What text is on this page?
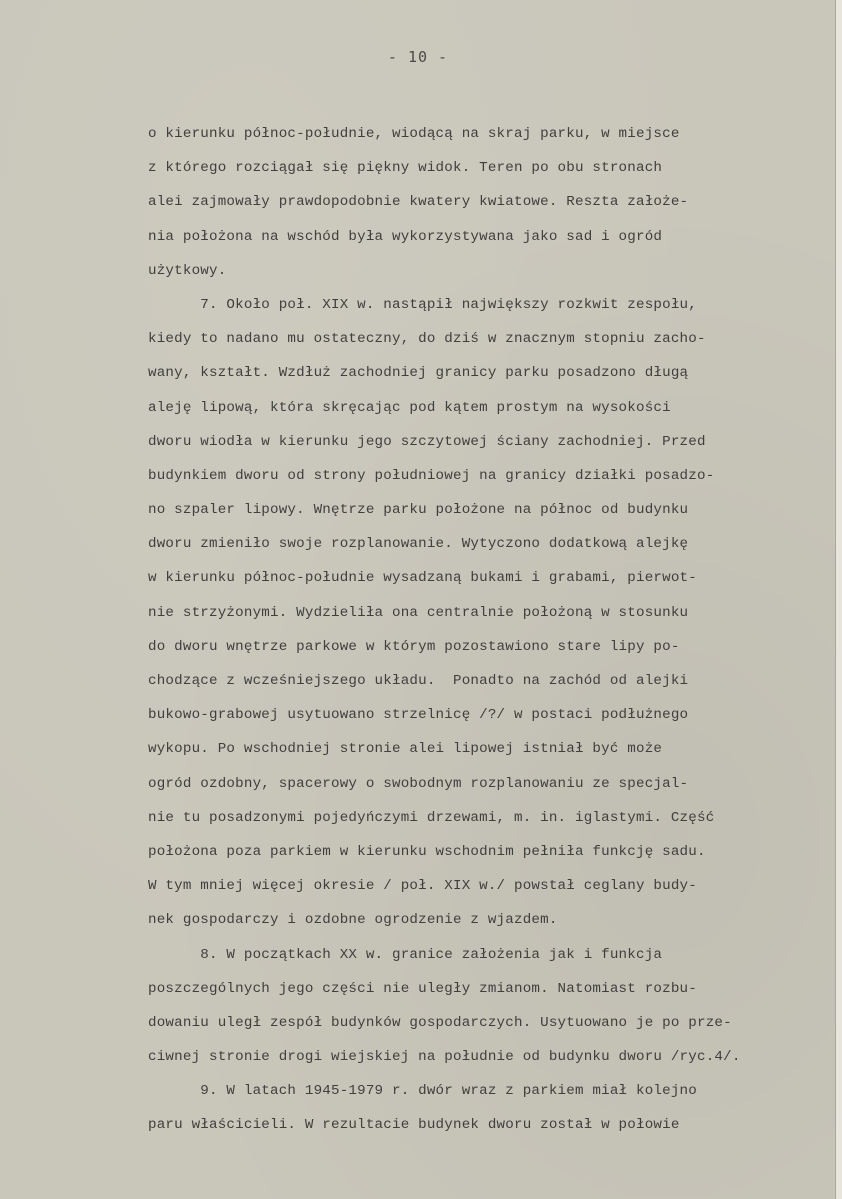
- 10 -
o kierunku północ-południe, wiodącą na skraj parku, w miejsce
z którego rozciągał się piękny widok. Teren po obu stronach
alei zajmowały prawdopodobnie kwatery kwiatowe. Reszta założe-
nia położona na wschód była wykorzystywana jako sad i ogród
użytkowy.
7. Około poł. XIX w. nastąpił największy rozkwit zespołu,
kiedy to nadano mu ostateczny, do dziś w znacznym stopniu zacho-
wany, kształt. Wzdłuż zachodniej granicy parku posadzono długą
aleję lipową, która skręcając pod kątem prostym na wysokości
dworu wiodła w kierunku jego szczytowej ściany zachodniej. Przed
budynkiem dworu od strony południowej na granicy działki posadzo-
no szpaler lipowy. Wnętrze parku położone na północ od budynku
dworu zmieniło swoje rozplanowanie. Wytyczono dodatkową alejkę
w kierunku północ-południe wysadzaną bukami i grabami, pierwot-
nie strzyżonymi. Wydzieliła ona centralnie położoną w stosunku
do dworu wnętrze parkowe w którym pozostawiono stare lipy po-
chodzące z wcześniejszego układu.  Ponadto na zachód od alejki
bukowo-grabowej usytuowano strzelnicę /?/ w postaci podłużnego
wykopu. Po wschodniej stronie alei lipowej istniał być może
ogród ozdobny, spacerowy o swobodnym rozplanowaniu ze specjal-
nie tu posadzonymi pojedyńczymi drzewami, m. in. iglastymi. Część
położona poza parkiem w kierunku wschodnim pełniła funkcję sadu.
W tym mniej więcej okresie / poł. XIX w./ powstał ceglany budy-
nek gospodarczy i ozdobne ogrodzenie z wjazdem.
8. W początkach XX w. granice założenia jak i funkcja
poszczególnych jego części nie uległy zmianom. Natomiast rozbu-
dowaniu uległ zespół budynków gospodarczych. Usytuowano je po prze-
ciwnej stronie drogi wiejskiej na południe od budynku dworu /ryc.4/.
9. W latach 1945-1979 r. dwór wraz z parkiem miał kolejno
paru właścicieli. W rezultacie budynek dworu został w połowie
